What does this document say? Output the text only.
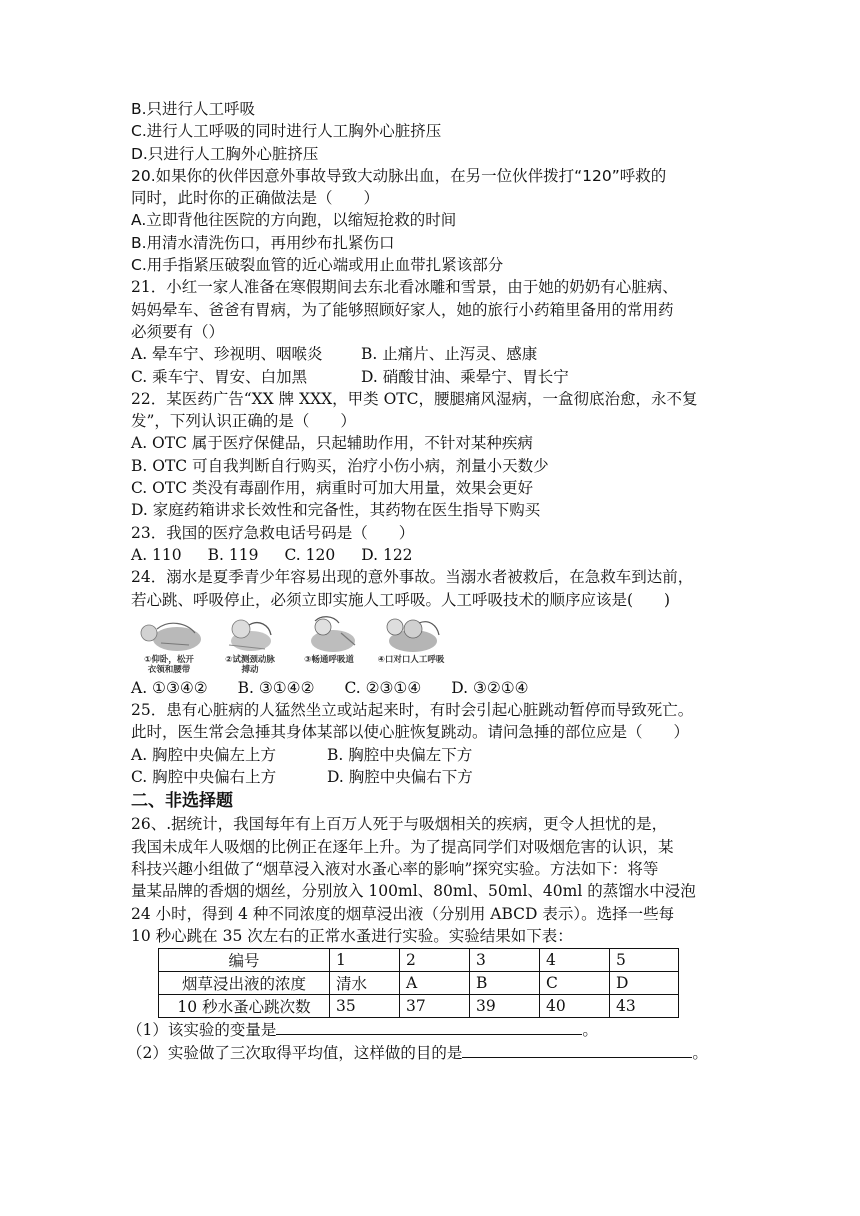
B.只进行人工呼吸
C.进行人工呼吸的同时进行人工胸外心脏挤压
D.只进行人工胸外心脏挤压
20.如果你的伙伴因意外事故导致大动脉出血，在另一位伙伴拨打“120”呼救的
同时，此时你的正确做法是（　　）
A.立即背他往医院的方向跑，以缩短抢救的时间
B.用清水清洗伤口，再用纱布扎紧伤口
C.用手指紧压破裂血管的近心端或用止血带扎紧该部分
21．小红一家人准备在寒假期间去东北看冰雕和雪景，由于她的奶奶有心脏病、
妈妈晕车、爸爸有胃病，为了能够照顾好家人，她的旅行小药箱里备用的常用药
必须要有（）
A. 晕车宁、珍视明、咽喉炎	B. 止痛片、止泻灵、感康
C. 乘车宁、胃安、白加黑	D. 硝酸甘油、乘晕宁、胃长宁
22．某医药广告“XX 牌 XXX，甲类 OTC，腰腿痛风湿病，一盒彻底治愈，永不复
发”，下列认识正确的是（　　）
A. OTC 属于医疗保健品，只起辅助作用，不针对某种疾病
B. OTC 可自我判断自行购买，治疗小伤小病，剂量小天数少
C. OTC 类没有毒副作用，病重时可加大用量，效果会更好
D. 家庭药箱讲求长效性和完备性，其药物在医生指导下购买
23．我国的医疗急救电话号码是（　　）
A. 110 B. 119 C. 120 D. 122
24．溺水是夏季青少年容易出现的意外事故。当溺水者被救后，在急救车到达前，
若心跳、呼吸停止，必须立即实施人工呼吸。人工呼吸技术的顺序应该是(　　)
①仰卧，松开
衣领和腰带
②试测颈动脉
搏动
③畅通呼吸道	④口对口人工呼吸
A. ①③④② B. ③①④② C. ②③①④ D. ③②①④
25．患有心脏病的人猛然坐立或站起来时，有时会引起心脏跳动暂停而导致死亡。
此时，医生常会急捶其身体某部以使心脏恢复跳动。请问急捶的部位应是（　　）
A. 胸腔中央偏左上方	B. 胸腔中央偏左下方
C. 胸腔中央偏右上方	D. 胸腔中央偏右下方
二、非选择题
26、.据统计，我国每年有上百万人死于与吸烟相关的疾病，更令人担忧的是，
我国未成年人吸烟的比例正在逐年上升。为了提高同学们对吸烟危害的认识，某
科技兴趣小组做了“烟草浸入液对水蚤心率的影响”探究实验。方法如下：将等
量某品牌的香烟的烟丝，分别放入 100ml、80ml、50ml、40ml 的蒸馏水中浸泡
24 小时，得到 4 种不同浓度的烟草浸出液（分别用 ABCD 表示）。选择一些每
10 秒心跳在 35 次左右的正常水蚤进行实验。实验结果如下表：
编号	1	2	3	4	5
烟草浸出液的浓度	清水	A	B	C	D
10 秒水蚤心跳次数	35	37	39	40	43
（1）该实验的变量是	。
（2）实验做了三次取得平均值，这样做的目的是	。
